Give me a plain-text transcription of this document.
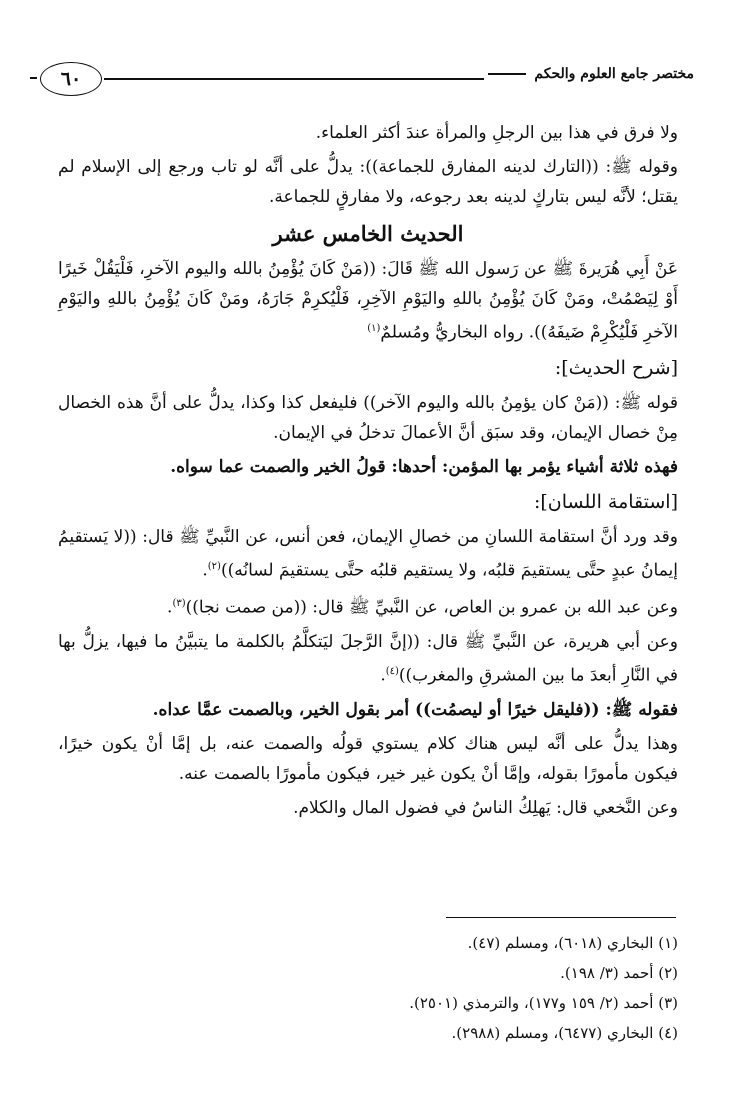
٦٠	مختصر جامع العلوم والحكم

ولا فرق في هذا بين الرجلِ والمرأة عندَ أكثر العلماء.

وقوله ﷺ: ((التارك لدينه المفارق للجماعة)): يدلُّ على أنَّه لو تاب ورجع إلى الإسلام لم يقتل؛ لأنَّه ليس بتاركٍ لدينه بعد رجوعه، ولا مفارقٍ للجماعة.

الحديث الخامس عشر

عَنْ أَبِي هُرَيرةَ ﷺ عن رَسول الله ﷺ قَالَ: ((مَنْ كَانَ يُؤْمِنُ بالله واليوم الآخرِ، فَلْيَقُلْ خَيرًا أَوْ لِيَصْمُتْ، ومَنْ كَانَ يُؤْمِنُ باللهِ واليَوْمِ الآخِرِ، فَلْيُكرِمْ جَارَهُ، ومَنْ كَانَ يُؤْمِنُ باللهِ واليَوْمِ الآخرِ فَلْيُكْرِمْ ضَيفَهُ)). رواه البخاريُّ ومُسلمٌ$^{(١)}$

[شرح الحديث]:

قوله ﷺ: ((مَنْ كان يؤمِنُ بالله واليوم الآخر)) فليفعل كذا وكذا، يدلُّ على أنَّ هذه الخصال مِنْ خصال الإيمان، وقد سبَق أنَّ الأعمالَ تدخلُ في الإيمان.

فهذه ثلاثة أشياء يؤمر بها المؤمن: أحدها: قولُ الخير والصمت عما سواه.

[استقامة اللسان]:

وقد ورد أنَّ استقامة اللسانِ من خصالِ الإيمان، فعن أنس، عن النَّبيِّ ﷺ قال: ((لا يَستقيمُ إيمانُ عبدٍ حتَّى يستقيمَ قلبُه، ولا يستقيم قلبُه حتَّى يستقيمَ لسانُه))$^{(٢)}$.

وعن عبد الله بن عمرو بن العاص، عن النَّبيِّ ﷺ قال: ((من صمت نجا))$^{(٣)}$.

وعن أبي هريرة، عن النَّبيِّ ﷺ قال: ((إنَّ الرَّجلَ ليَتكلَّمُ بالكلمة ما يتبيَّنُ ما فيها، يزلُّ بها في النَّارِ أبعدَ ما بين المشرقِ والمغرب))$^{(٤)}$.

فقوله ﷺ: ((فليقل خيرًا أو ليصمُت)) أمر بقول الخير، وبالصمت عمَّا عداه.

وهذا يدلُّ على أنَّه ليس هناك كلام يستوي قولُه والصمت عنه، بل إمَّا أنْ يكون خيرًا، فيكون مأمورًا بقوله، وإمَّا أنْ يكون غير خير، فيكون مأمورًا بالصمت عنه.

وعن النَّخعي قال: يَهلِكُ الناسُ في فضول المال والكلام.

(١) البخاري (٦٠١٨)، ومسلم (٤٧).
(٢) أحمد (٣/ ١٩٨).
(٣) أحمد (٢/ ١٥٩ و١٧٧)، والترمذي (٢٥٠١).
(٤) البخاري (٦٤٧٧)، ومسلم (٢٩٨٨).
